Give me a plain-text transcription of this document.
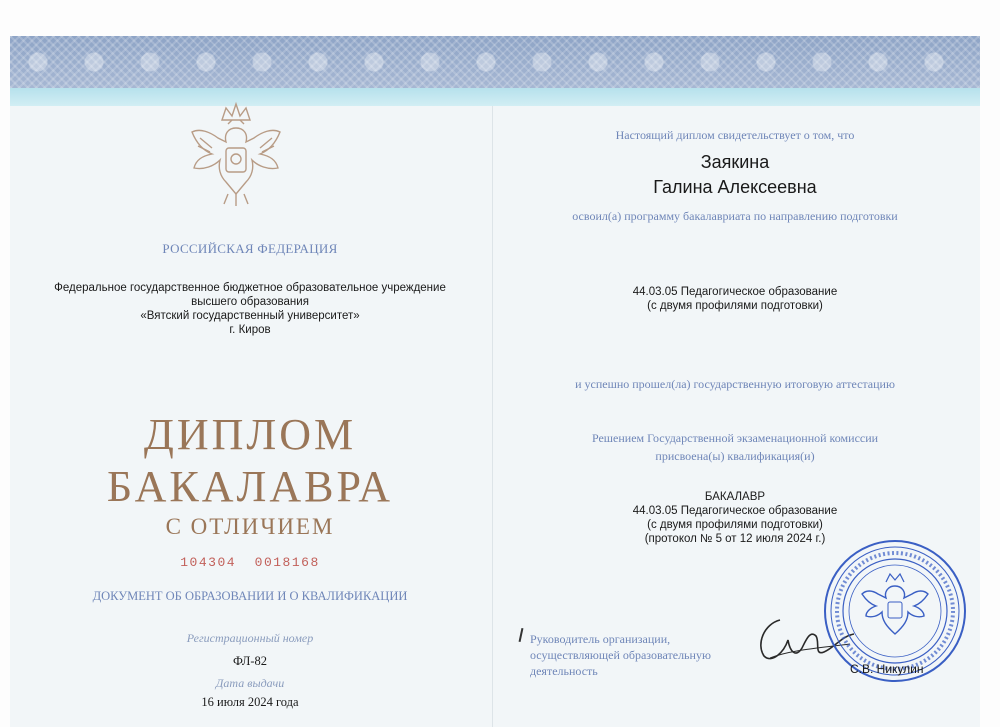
РОССИЙСКАЯ ФЕДЕРАЦИЯ
Федеральное государственное бюджетное образовательное учреждение
высшего образования
«Вятский государственный университет»
г. Киров
ДИПЛОМ
БАКАЛАВРА
С ОТЛИЧИЕМ
104304  0018168
ДОКУМЕНТ ОБ ОБРАЗОВАНИИ И О КВАЛИФИКАЦИИ
Регистрационный номер
ФЛ-82
Дата выдачи
16 июля 2024 года
Настоящий диплом свидетельствует о том, что
Заякина
Галина Алексеевна
освоил(а) программу бакалавриата по направлению подготовки
44.03.05 Педагогическое образование
(с двумя профилями подготовки)
и успешно прошел(ла) государственную итоговую аттестацию
Решением Государственной экзаменационной комиссии
присвоена(ы) квалификация(и)
БАКАЛАВР
44.03.05 Педагогическое образование
(с двумя профилями подготовки)
(протокол № 5 от 12 июля 2024 г.)
Руководитель организации,
осуществляющей образовательную
деятельность	С.В. Никулин
